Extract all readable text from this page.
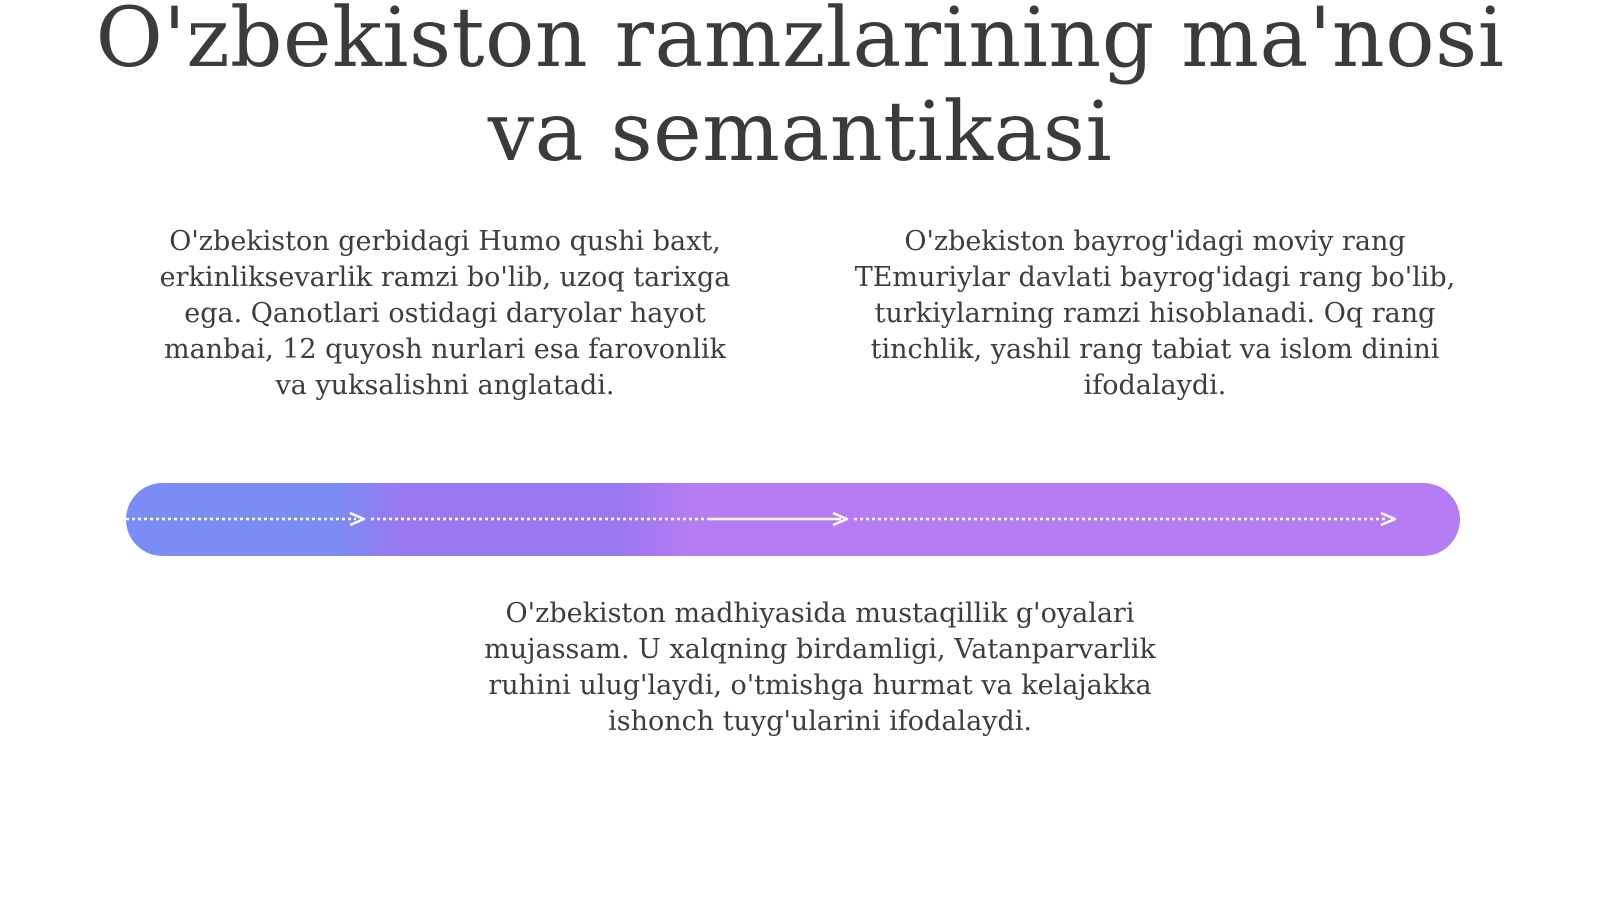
O'zbekiston ramzlarining ma'nosi va semantikasi

O'zbekiston gerbidagi Humo qushi baxt, erkinliksevarlik ramzi bo'lib, uzoq tarixga ega. Qanotlari ostidagi daryolar hayot manbai, 12 quyosh nurlari esa farovonlik va yuksalishni anglatadi.

O'zbekiston bayrog'idagi moviy rang TEmuriylar davlati bayrog'idagi rang bo'lib, turkiylarning ramzi hisoblanadi. Oq rang tinchlik, yashil rang tabiat va islom dinini ifodalaydi.

O'zbekiston madhiyasida mustaqillik g'oyalari mujassam. U xalqning birdamligi, Vatanparvarlik ruhini ulug'laydi, o'tmishga hurmat va kelajakka ishonch tuyg'ularini ifodalaydi.
